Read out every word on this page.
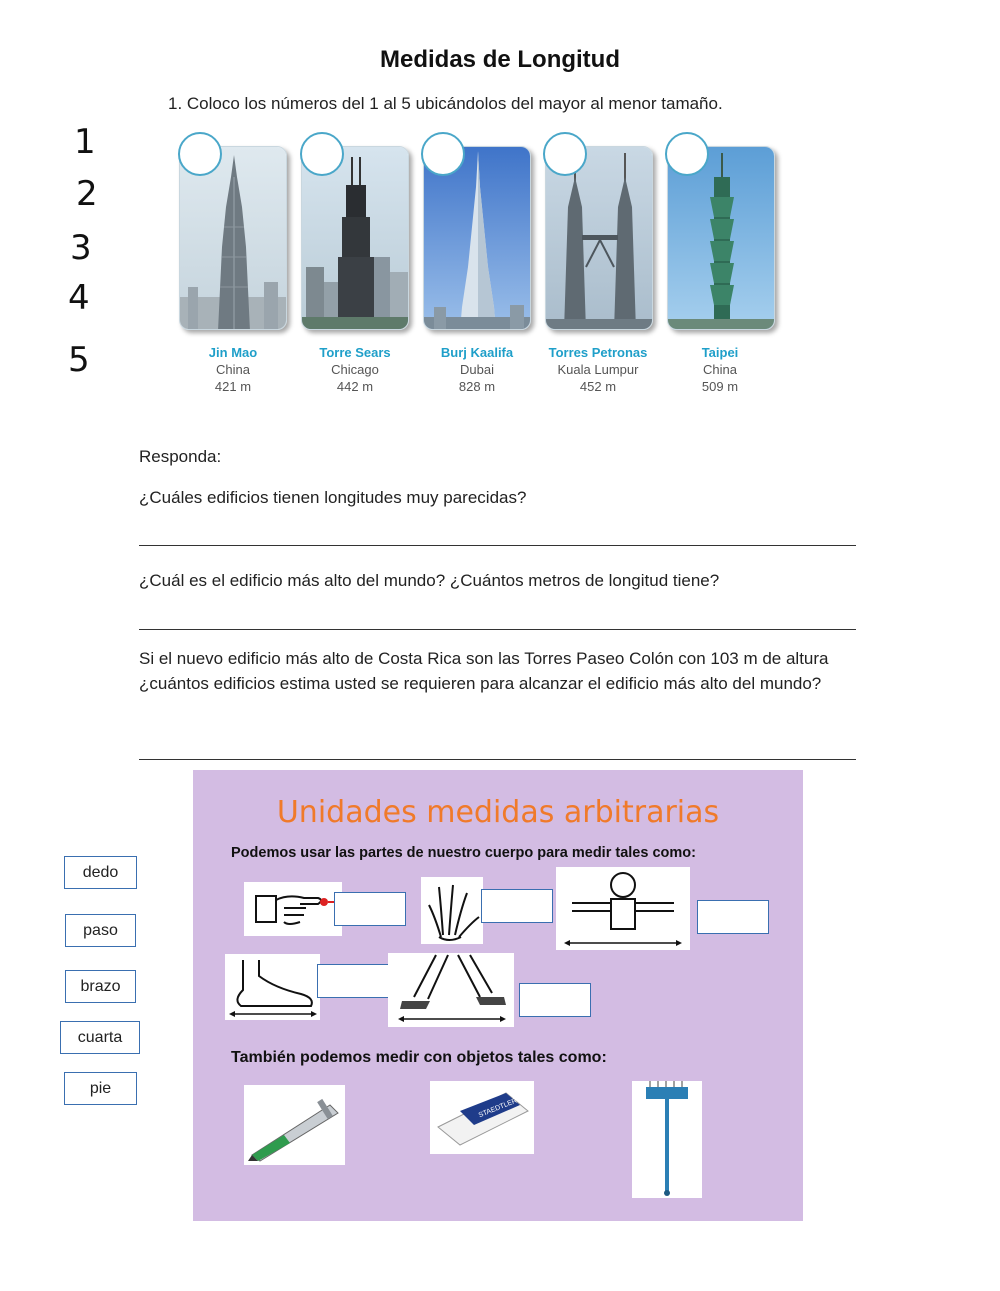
Medidas de Longitud
1. Coloco los números del 1 al 5 ubicándolos del mayor al menor tamaño.
1
2
3
4
5	Jin Mao
China
421 m
Torre Sears
Chicago
442 m
Burj Kaalifa
Dubai
828 m
Torres Petronas
Kuala Lumpur
452 m
Taipei
China
509 m
Responda:
¿Cuáles edificios tienen longitudes muy parecidas?
¿Cuál es el edificio más alto del mundo? ¿Cuántos metros de longitud tiene?
Si el nuevo edificio más alto de Costa Rica son las Torres Paseo Colón con 103 m de altura ¿cuántos edificios estima usted se requieren para alcanzar el edificio más alto del mundo?
dedo
paso
brazo
cuarta
pie
Unidades medidas arbitrarias
Podemos usar las partes de nuestro cuerpo para medir tales como:
También podemos medir con objetos tales como:
STAEDTLER
